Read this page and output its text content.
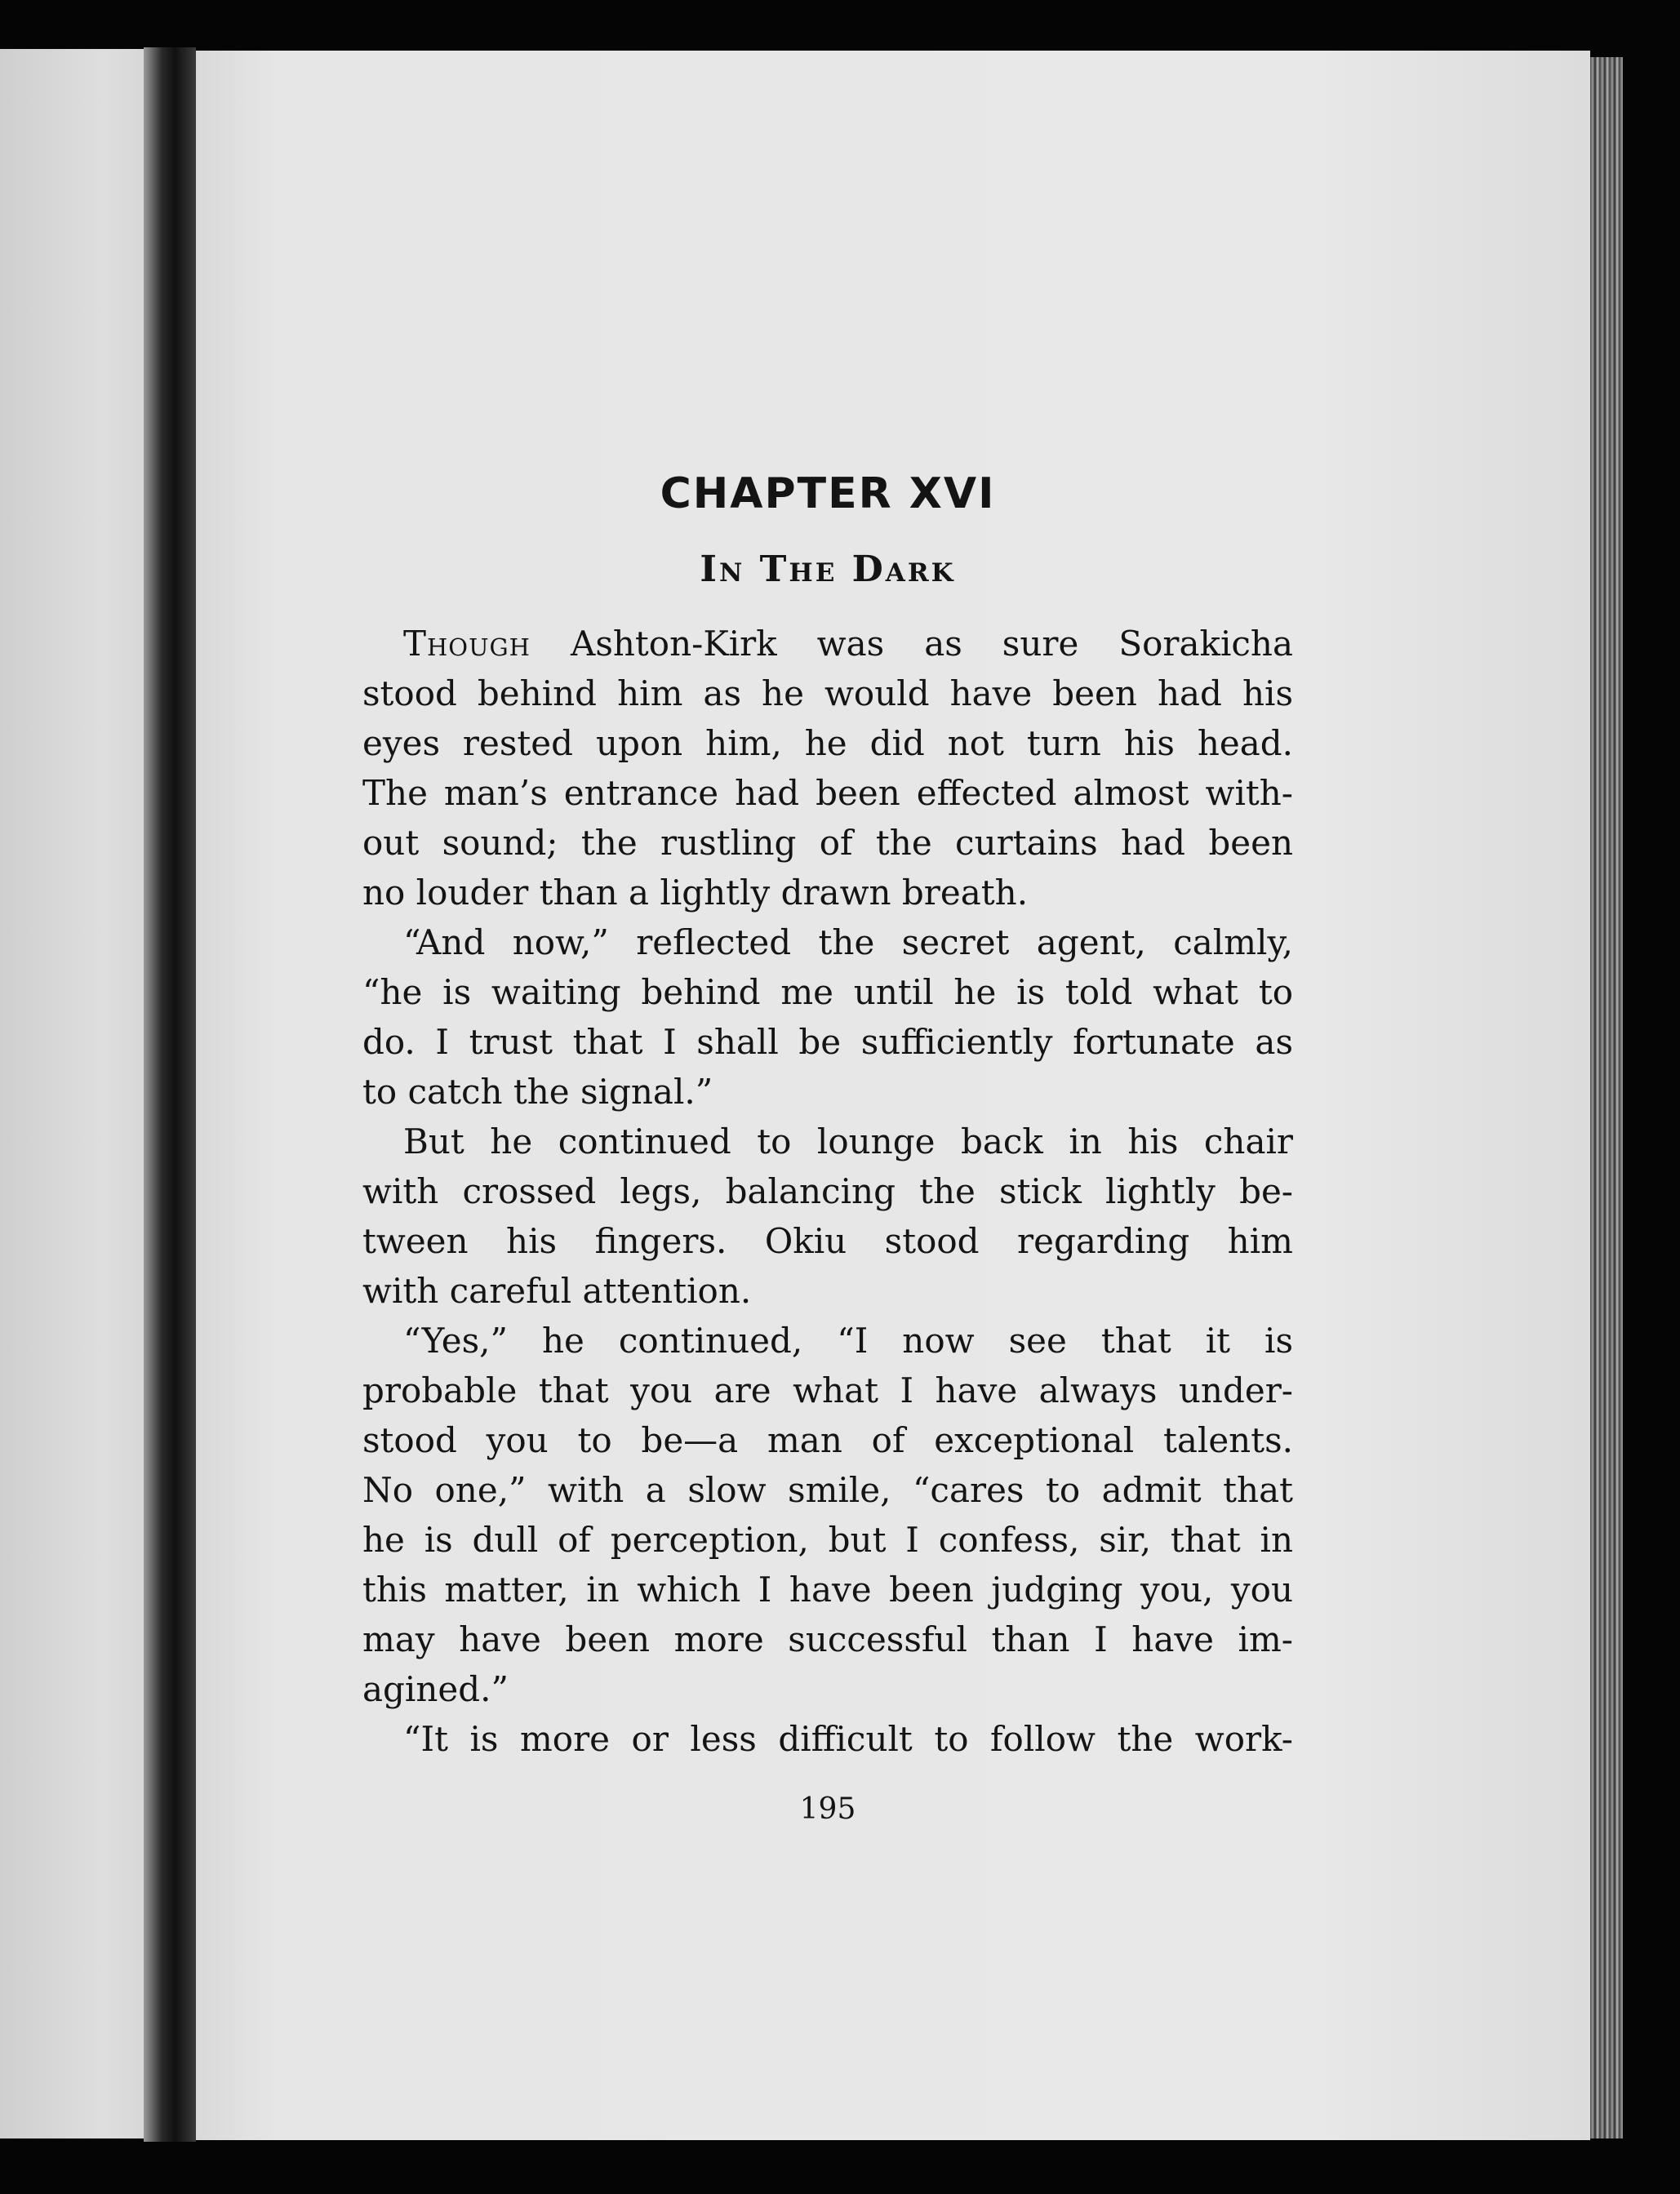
CHAPTER XVI
In The Dark
Though Ashton-Kirk was as sure Sorakicha
stood behind him as he would have been had his
eyes rested upon him, he did not turn his head.
The man’s entrance had been effected almost with-
out sound; the rustling of the curtains had been
no louder than a lightly drawn breath.
“And now,” reflected the secret agent, calmly,
“he is waiting behind me until he is told what to
do. I trust that I shall be sufficiently fortunate as
to catch the signal.”
But he continued to lounge back in his chair
with crossed legs, balancing the stick lightly be-
tween his fingers. Okiu stood regarding him
with careful attention.
“Yes,” he continued, “I now see that it is
probable that you are what I have always under-
stood you to be—a man of exceptional talents.
No one,” with a slow smile, “cares to admit that
he is dull of perception, but I confess, sir, that in
this matter, in which I have been judging you, you
may have been more successful than I have im-
agined.”
“It is more or less difficult to follow the work-
195
